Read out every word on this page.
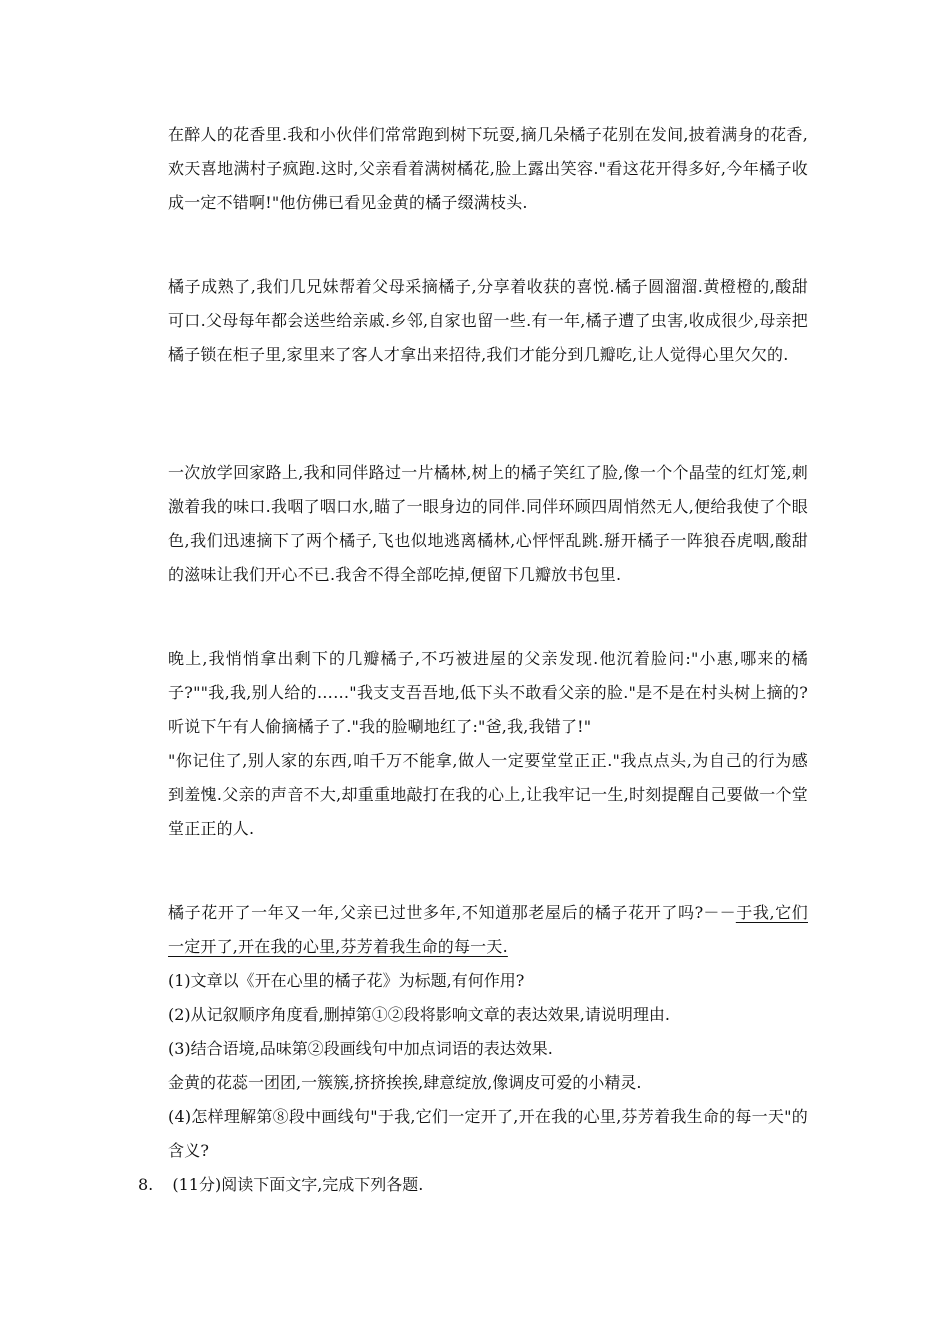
在醉人的花香里.我和小伙伴们常常跑到树下玩耍,摘几朵橘子花别在发间,披着满身的花香,欢天喜地满村子疯跑.这时,父亲看着满树橘花,脸上露出笑容."看这花开得多好,今年橘子收成一定不错啊!"他仿佛已看见金黄的橘子缀满枝头.
橘子成熟了,我们几兄妹帮着父母采摘橘子,分享着收获的喜悦.橘子圆溜溜.黄橙橙的,酸甜可口.父母每年都会送些给亲戚.乡邻,自家也留一些.有一年,橘子遭了虫害,收成很少,母亲把橘子锁在柜子里,家里来了客人才拿出来招待,我们才能分到几瓣吃,让人觉得心里欠欠的.
一次放学回家路上,我和同伴路过一片橘林,树上的橘子笑红了脸,像一个个晶莹的红灯笼,刺激着我的味口.我咽了咽口水,瞄了一眼身边的同伴.同伴环顾四周悄然无人,便给我使了个眼色,我们迅速摘下了两个橘子,飞也似地逃离橘林,心怦怦乱跳.掰开橘子一阵狼吞虎咽,酸甜的滋味让我们开心不已.我舍不得全部吃掉,便留下几瓣放书包里.
晚上,我悄悄拿出剩下的几瓣橘子,不巧被进屋的父亲发现.他沉着脸问:"小惠,哪来的橘子?""我,我,别人给的……"我支支吾吾地,低下头不敢看父亲的脸."是不是在村头树上摘的?听说下午有人偷摘橘子了."我的脸唰地红了:"爸,我,我错了!"
"你记住了,别人家的东西,咱千万不能拿,做人一定要堂堂正正."我点点头,为自己的行为感到羞愧.父亲的声音不大,却重重地敲打在我的心上,让我牢记一生,时刻提醒自己要做一个堂堂正正的人.
橘子花开了一年又一年,父亲已过世多年,不知道那老屋后的橘子花开了吗?－－于我,它们一定开了,开在我的心里,芬芳着我生命的每一天.
(1)文章以《开在心里的橘子花》为标题,有何作用?
(2)从记叙顺序角度看,删掉第①②段将影响文章的表达效果,请说明理由.
(3)结合语境,品味第②段画线句中加点词语的表达效果.
金黄的花蕊一团团,一簇簇,挤挤挨挨,肆意绽放,像调皮可爱的小精灵.
(4)怎样理解第⑧段中画线句"于我,它们一定开了,开在我的心里,芬芳着我生命的每一天"的含义?
8. (11分)阅读下面文字,完成下列各题.
